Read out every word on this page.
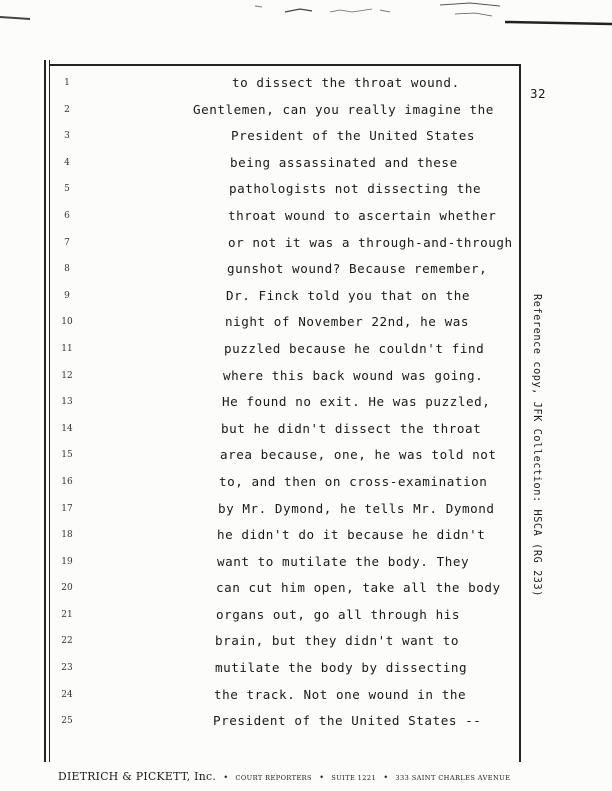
1
2
3
4
5
6
7
8
9
10
11
12
13
14
15
16
17
18
19
20
21
22
23
24
25
32
to dissect the throat wound.
Gentlemen, can you really imagine the
President of the United States
being assassinated and these
pathologists not dissecting the
throat wound to ascertain whether
or not it was a through-and-through
gunshot wound? Because remember,
Dr. Finck told you that on the
night of November 22nd, he was
puzzled because he couldn't find
where this back wound was going.
He found no exit. He was puzzled,
but he didn't dissect the throat
area because, one, he was told not
to, and then on cross-examination
by Mr. Dymond, he tells Mr. Dymond
he didn't do it because he didn't
want to mutilate the body. They
can cut him open, take all the body
organs out, go all through his
brain, but they didn't want to
mutilate the body by dissecting
the track. Not one wound in the
President of the United States --
Reference copy, JFK Collection: HSCA (RG 233)
DIETRICH & PICKETT, Inc. • COURT REPORTERS • SUITE 1221 • 333 SAINT CHARLES AVENUE
